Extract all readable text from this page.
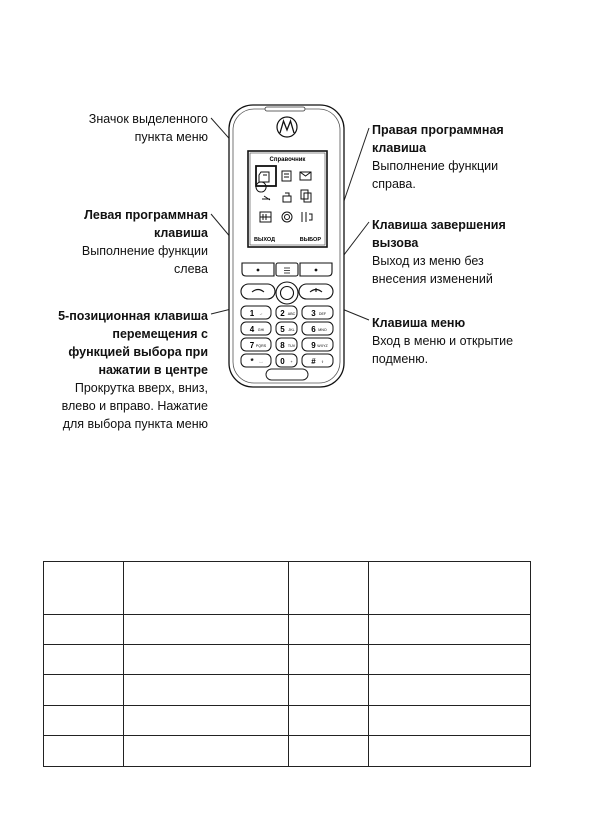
Значок выделенного
пункта меню
Левая программная
клавиша
Выполнение функции
слева
5-позиционная клавиша
перемещения с
функцией выбора при
нажатии в центре
Прокрутка вверх, вниз,
влево и вправо. Нажатие
для выбора пункта меню
Правая программная
клавиша
Выполнение функции
справа.
Клавиша завершения
вызова
Выход из меню без
внесения изменений
Клавиша меню
Вход в меню и открытие
подменю.
Справочник
ВЫХОД	ВЫБОР
1 -◦ 2 ABC 3 DEF
4 GHI 5 JKL 6 MNO
7 PQRS 8 TUV 9 WXYZ
* ⌴ 0 + # ⇧
